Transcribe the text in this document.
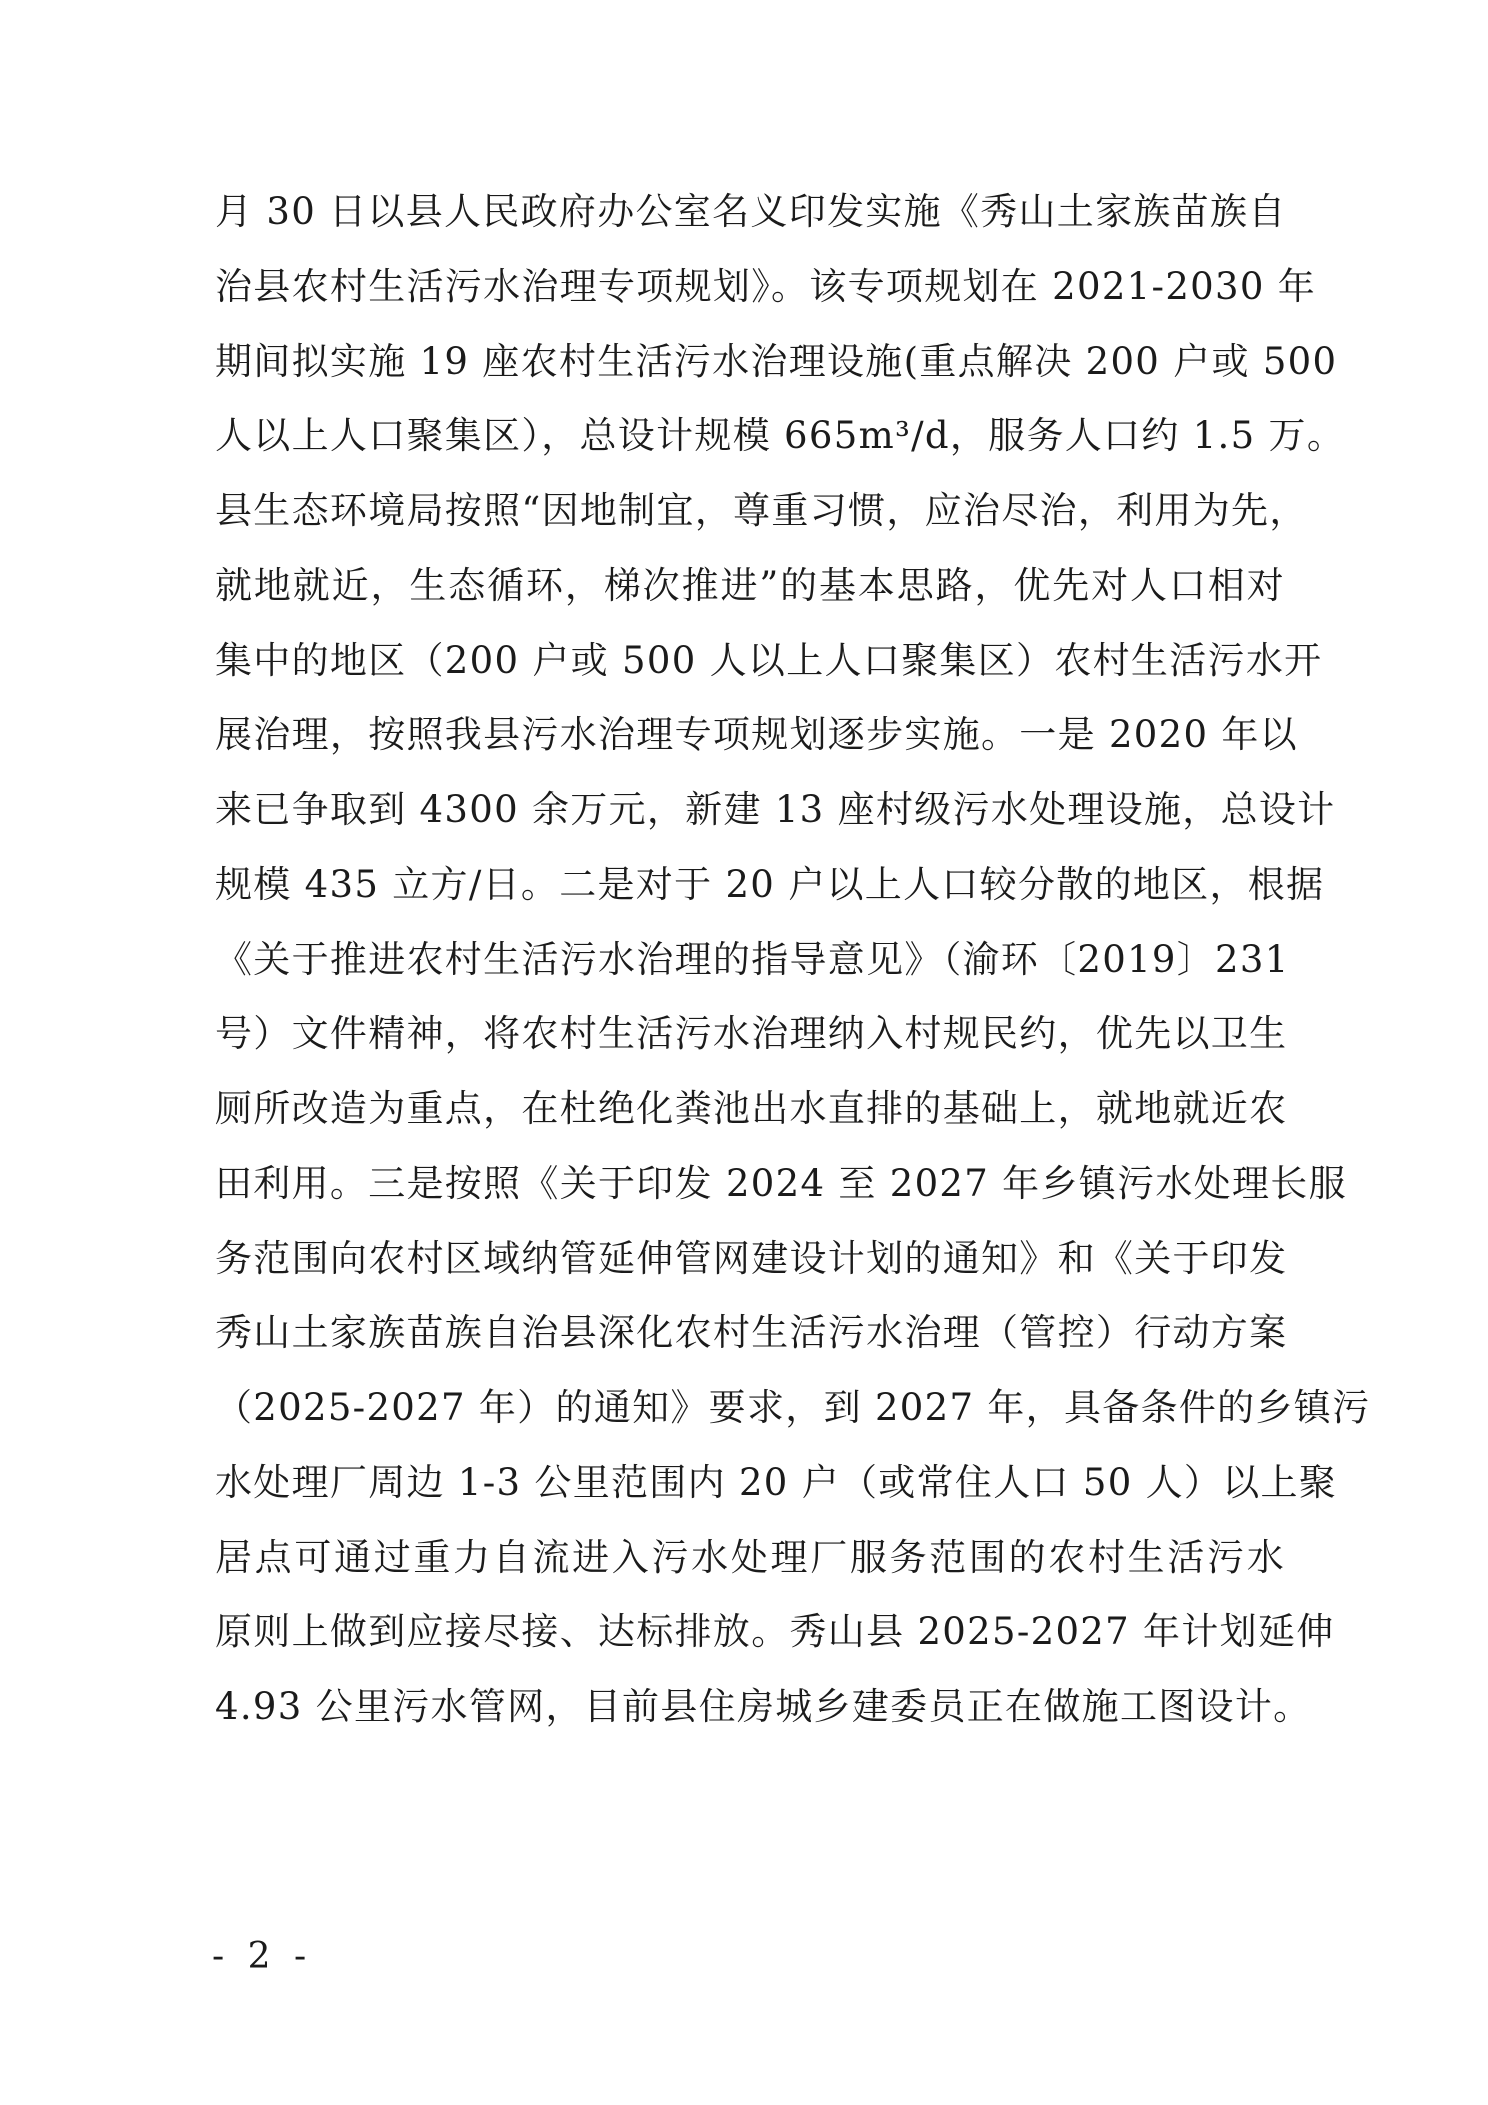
月 30 日以县人民政府办公室名义印发实施《秀山土家族苗族自
治县农村生活污水治理专项规划》。该专项规划在 2021-2030 年
期间拟实施 19 座农村生活污水治理设施(重点解决 200 户或 500
人以上人口聚集区），总设计规模 665m³/d，服务人口约 1.5 万。
县生态环境局按照“因地制宜，尊重习惯，应治尽治，利用为先，
就地就近，生态循环，梯次推进”的基本思路，优先对人口相对
集中的地区（200 户或 500 人以上人口聚集区）农村生活污水开
展治理，按照我县污水治理专项规划逐步实施。一是 2020 年以
来已争取到 4300 余万元，新建 13 座村级污水处理设施，总设计
规模 435 立方/日。二是对于 20 户以上人口较分散的地区，根据
《关于推进农村生活污水治理的指导意见》（渝环〔2019〕231
号）文件精神，将农村生活污水治理纳入村规民约，优先以卫生
厕所改造为重点，在杜绝化粪池出水直排的基础上，就地就近农
田利用。三是按照《关于印发 2024 至 2027 年乡镇污水处理长服
务范围向农村区域纳管延伸管网建设计划的通知》和《关于印发
秀山土家族苗族自治县深化农村生活污水治理（管控）行动方案
（2025-2027 年）的通知》要求，到 2027 年，具备条件的乡镇污
水处理厂周边 1-3 公里范围内 20 户（或常住人口 50 人）以上聚
居点可通过重力自流进入污水处理厂服务范围的农村生活污水
原则上做到应接尽接、达标排放。秀山县 2025-2027 年计划延伸
4.93 公里污水管网，目前县住房城乡建委员正在做施工图设计。
- 2 -
